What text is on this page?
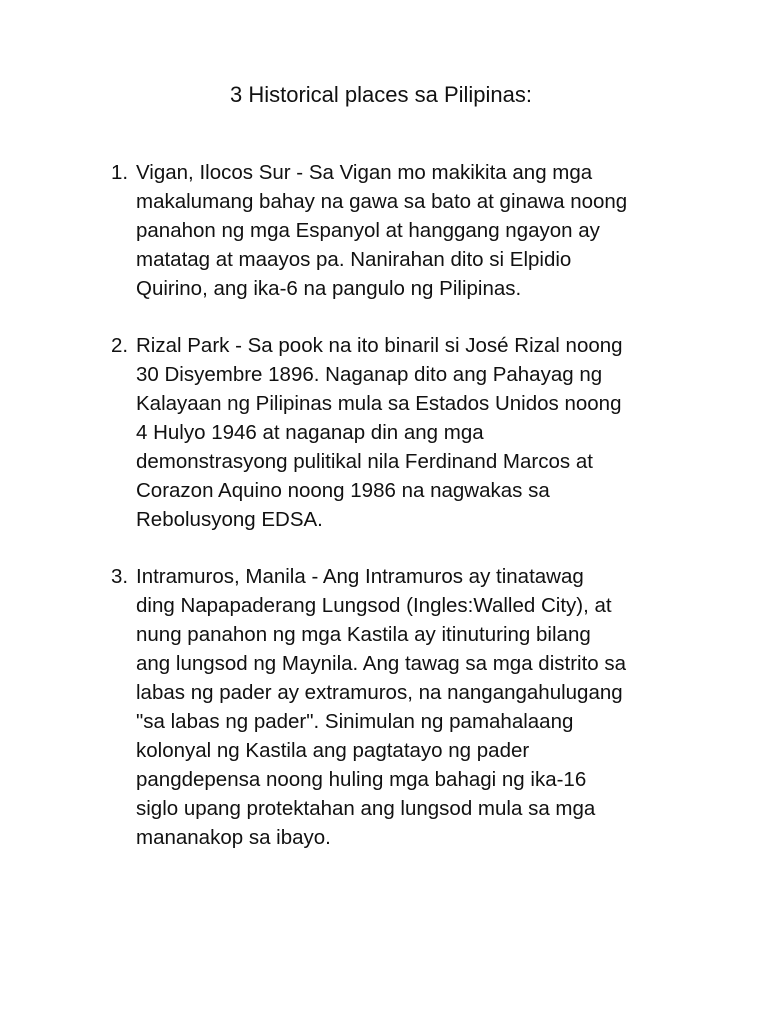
3 Historical places sa Pilipinas:
1. Vigan, Ilocos Sur - Sa Vigan mo makikita ang mga
makalumang bahay na gawa sa bato at ginawa noong
panahon ng mga Espanyol at hanggang ngayon ay
matatag at maayos pa. Nanirahan dito si Elpidio
Quirino, ang ika-6 na pangulo ng Pilipinas.
2. Rizal Park - Sa pook na ito binaril si José Rizal noong
30 Disyembre 1896. Naganap dito ang Pahayag ng
Kalayaan ng Pilipinas mula sa Estados Unidos noong
4 Hulyo 1946 at naganap din ang mga
demonstrasyong pulitikal nila Ferdinand Marcos at
Corazon Aquino noong 1986 na nagwakas sa
Rebolusyong EDSA.
3. Intramuros, Manila - Ang Intramuros ay tinatawag
ding Napapaderang Lungsod (Ingles:Walled City), at
nung panahon ng mga Kastila ay itinuturing bilang
ang lungsod ng Maynila. Ang tawag sa mga distrito sa
labas ng pader ay extramuros, na nangangahulugang
"sa labas ng pader". Sinimulan ng pamahalaang
kolonyal ng Kastila ang pagtatayo ng pader
pangdepensa noong huling mga bahagi ng ika-16
siglo upang protektahan ang lungsod mula sa mga
mananakop sa ibayo.
